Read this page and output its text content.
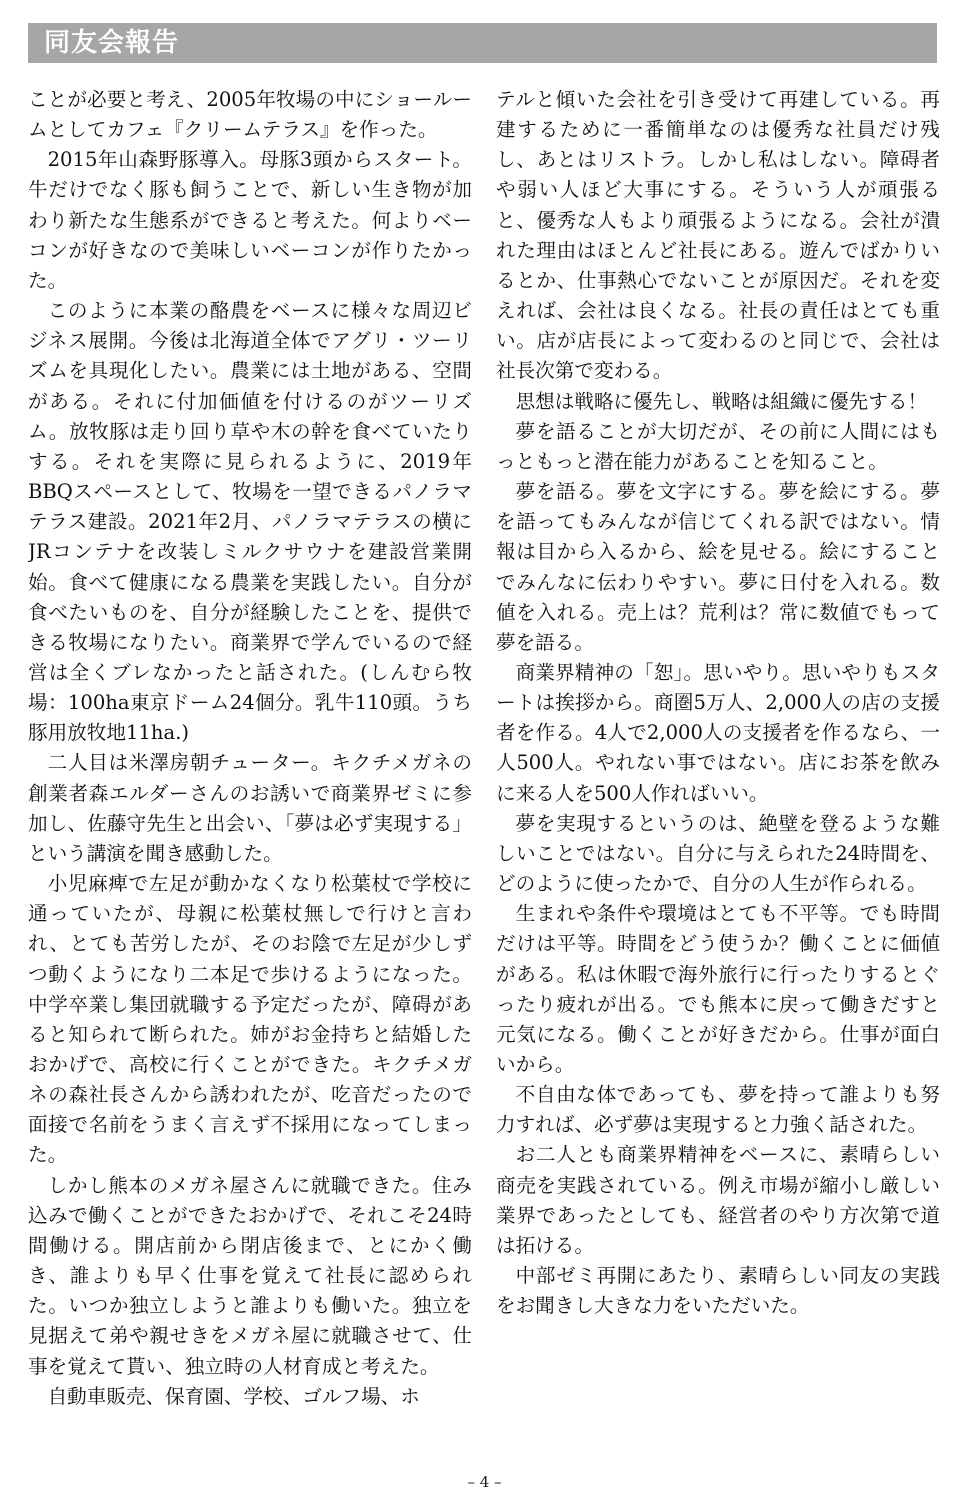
同友会報告

ことが必要と考え、2005年牧場の中にショールームとしてカフェ『クリームテラス』を作った。

2015年山森野豚導入。母豚3頭からスタート。牛だけでなく豚も飼うことで、新しい生き物が加わり新たな生態系ができると考えた。何よりベーコンが好きなので美味しいベーコンが作りたかった。

このように本業の酪農をベースに様々な周辺ビジネス展開。今後は北海道全体でアグリ・ツーリズムを具現化したい。農業には土地がある、空間がある。それに付加価値を付けるのがツーリズム。放牧豚は走り回り草や木の幹を食べていたりする。それを実際に見られるように、2019年BBQスペースとして、牧場を一望できるパノラマテラス建設。2021年2月、パノラマテラスの横にJRコンテナを改装しミルクサウナを建設営業開始。食べて健康になる農業を実践したい。自分が食べたいものを、自分が経験したことを、提供できる牧場になりたい。商業界で学んでいるので経営は全くブレなかったと話された。(しんむら牧場：100ha東京ドーム24個分。乳牛110頭。うち豚用放牧地11ha.)

二人目は米澤房朝チューター。キクチメガネの創業者森エルダーさんのお誘いで商業界ゼミに参加し、佐藤守先生と出会い、「夢は必ず実現する」という講演を聞き感動した。

小児麻痺で左足が動かなくなり松葉杖で学校に通っていたが、母親に松葉杖無しで行けと言われ、とても苦労したが、そのお陰で左足が少しずつ動くようになり二本足で歩けるようになった。中学卒業し集団就職する予定だったが、障碍があると知られて断られた。姉がお金持ちと結婚したおかげで、高校に行くことができた。キクチメガネの森社長さんから誘われたが、吃音だったので面接で名前をうまく言えず不採用になってしまった。

しかし熊本のメガネ屋さんに就職できた。住み込みで働くことができたおかげで、それこそ24時間働ける。開店前から閉店後まで、とにかく働き、誰よりも早く仕事を覚えて社長に認められた。いつか独立しようと誰よりも働いた。独立を見据えて弟や親せきをメガネ屋に就職させて、仕事を覚えて貰い、独立時の人材育成と考えた。

自動車販売、保育園、学校、ゴルフ場、ホ

テルと傾いた会社を引き受けて再建している。再建するために一番簡単なのは優秀な社員だけ残し、あとはリストラ。しかし私はしない。障碍者や弱い人ほど大事にする。そういう人が頑張ると、優秀な人もより頑張るようになる。会社が潰れた理由はほとんど社長にある。遊んでばかりいるとか、仕事熱心でないことが原因だ。それを変えれば、会社は良くなる。社長の責任はとても重い。店が店長によって変わるのと同じで、会社は社長次第で変わる。

思想は戦略に優先し、戦略は組織に優先する！

夢を語ることが大切だが、その前に人間にはもっともっと潜在能力があることを知ること。

夢を語る。夢を文字にする。夢を絵にする。夢を語ってもみんなが信じてくれる訳ではない。情報は目から入るから、絵を見せる。絵にすることでみんなに伝わりやすい。夢に日付を入れる。数値を入れる。売上は？荒利は？常に数値でもって夢を語る。

商業界精神の「恕」。思いやり。思いやりもスタートは挨拶から。商圏5万人、2,000人の店の支援者を作る。4人で2,000人の支援者を作るなら、一人500人。やれない事ではない。店にお茶を飲みに来る人を500人作ればいい。

夢を実現するというのは、絶壁を登るような難しいことではない。自分に与えられた24時間を、どのように使ったかで、自分の人生が作られる。

生まれや条件や環境はとても不平等。でも時間だけは平等。時間をどう使うか？働くことに価値がある。私は休暇で海外旅行に行ったりするとぐったり疲れが出る。でも熊本に戻って働きだすと元気になる。働くことが好きだから。仕事が面白いから。

不自由な体であっても、夢を持って誰よりも努力すれば、必ず夢は実現すると力強く話された。

お二人とも商業界精神をベースに、素晴らしい商売を実践されている。例え市場が縮小し厳しい業界であったとしても、経営者のやり方次第で道は拓ける。

中部ゼミ再開にあたり、素晴らしい同友の実践をお聞きし大きな力をいただいた。

– 4 –
